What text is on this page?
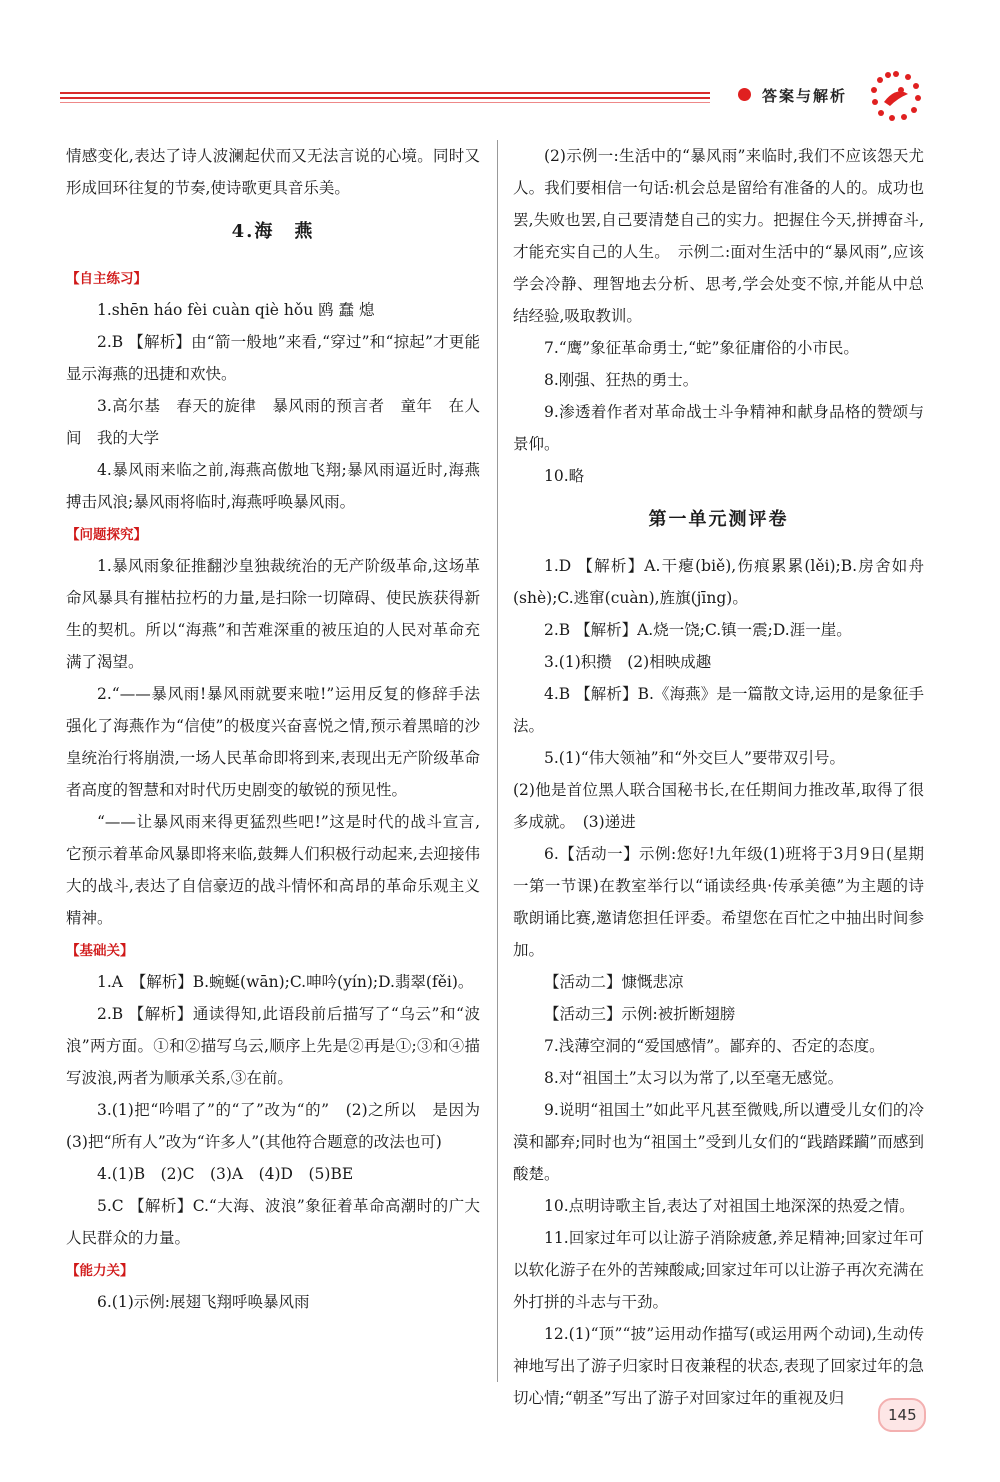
答案与解析

情感变化,表达了诗人波澜起伏而又无法言说的心境。同时又形成回环往复的节奏,使诗歌更具音乐美。

4.海　燕
【自主练习】

1.shēn háo fèi cuàn qiè hǒu 鸥 蠢 熄

2.B 【解析】由“箭一般地”来看,“穿过”和“掠起”才更能显示海燕的迅捷和欢快。

3.高尔基　春天的旋律　暴风雨的预言者　童年　在人间　我的大学

4.暴风雨来临之前,海燕高傲地飞翔;暴风雨逼近时,海燕搏击风浪;暴风雨将临时,海燕呼唤暴风雨。

【问题探究】

1.暴风雨象征推翻沙皇独裁统治的无产阶级革命,这场革命风暴具有摧枯拉朽的力量,是扫除一切障碍、使民族获得新生的契机。所以“海燕”和苦难深重的被压迫的人民对革命充满了渴望。

2.“——暴风雨!暴风雨就要来啦!”运用反复的修辞手法强化了海燕作为“信使”的极度兴奋喜悦之情,预示着黑暗的沙皇统治行将崩溃,一场人民革命即将到来,表现出无产阶级革命者高度的智慧和对时代历史剧变的敏锐的预见性。

“——让暴风雨来得更猛烈些吧!”这是时代的战斗宣言,它预示着革命风暴即将来临,鼓舞人们积极行动起来,去迎接伟大的战斗,表达了自信豪迈的战斗情怀和高昂的革命乐观主义精神。

【基础关】

1.A　【解析】B.蜿蜒(wān);C.呻吟(yín);D.翡翠(fěi)。

2.B 【解析】通读得知,此语段前后描写了“乌云”和“波浪”两方面。①和②描写乌云,顺序上先是②再是①;③和④描写波浪,两者为顺承关系,③在前。

3.(1)把“吟唱了”的“了”改为“的”　(2)之所以　是因为　(3)把“所有人”改为“许多人”(其他符合题意的改法也可)

4.(1)B　(2)C　(3)A　(4)D　(5)BE

5.C 【解析】C.“大海、波浪”象征着革命高潮时的广大人民群众的力量。

【能力关】

6.(1)示例:展翅飞翔呼唤暴风雨

(2)示例一:生活中的“暴风雨”来临时,我们不应该怨天尤人。我们要相信一句话:机会总是留给有准备的人的。成功也罢,失败也罢,自己要清楚自己的实力。把握住今天,拼搏奋斗,才能充实自己的人生。　示例二:面对生活中的“暴风雨”,应该学会冷静、理智地去分析、思考,学会处变不惊,并能从中总结经验,吸取教训。

7.“鹰”象征革命勇士,“蛇”象征庸俗的小市民。

8.刚强、狂热的勇士。

9.渗透着作者对革命战士斗争精神和献身品格的赞颂与景仰。

10.略

第一单元测评卷

1.D 【解析】A.干瘪(biě),伤痕累累(lěi);B.房舍如舟(shè);C.逃窜(cuàn),旌旗(jīng)。

2.B 【解析】A.烧一饶;C.镇一震;D.涯一崖。

3.(1)积攒　(2)相映成趣

4.B 【解析】B.《海燕》是一篇散文诗,运用的是象征手法。

5.(1)“伟大领袖”和“外交巨人”要带双引号。

(2)他是首位黑人联合国秘书长,在任期间力推改革,取得了很多成就。　(3)递进

6.【活动一】示例:您好!九年级(1)班将于3月9日(星期一第一节课)在教室举行以“诵读经典·传承美德”为主题的诗歌朗诵比赛,邀请您担任评委。希望您在百忙之中抽出时间参加。

【活动二】慷慨悲凉

【活动三】示例:被折断翅膀

7.浅薄空洞的“爱国感情”。鄙弃的、否定的态度。

8.对“祖国土”太习以为常了,以至毫无感觉。

9.说明“祖国土”如此平凡甚至微贱,所以遭受儿女们的冷漠和鄙弃;同时也为“祖国土”受到儿女们的“践踏蹂躏”而感到酸楚。

10.点明诗歌主旨,表达了对祖国土地深深的热爱之情。

11.回家过年可以让游子消除疲惫,养足精神;回家过年可以软化游子在外的苦辣酸咸;回家过年可以让游子再次充满在外打拼的斗志与干劲。

12.(1)“顶”“披”运用动作描写(或运用两个动词),生动传神地写出了游子归家时日夜兼程的状态,表现了回家过年的急切心情;“朝圣”写出了游子对回家过年的重视及归

145
